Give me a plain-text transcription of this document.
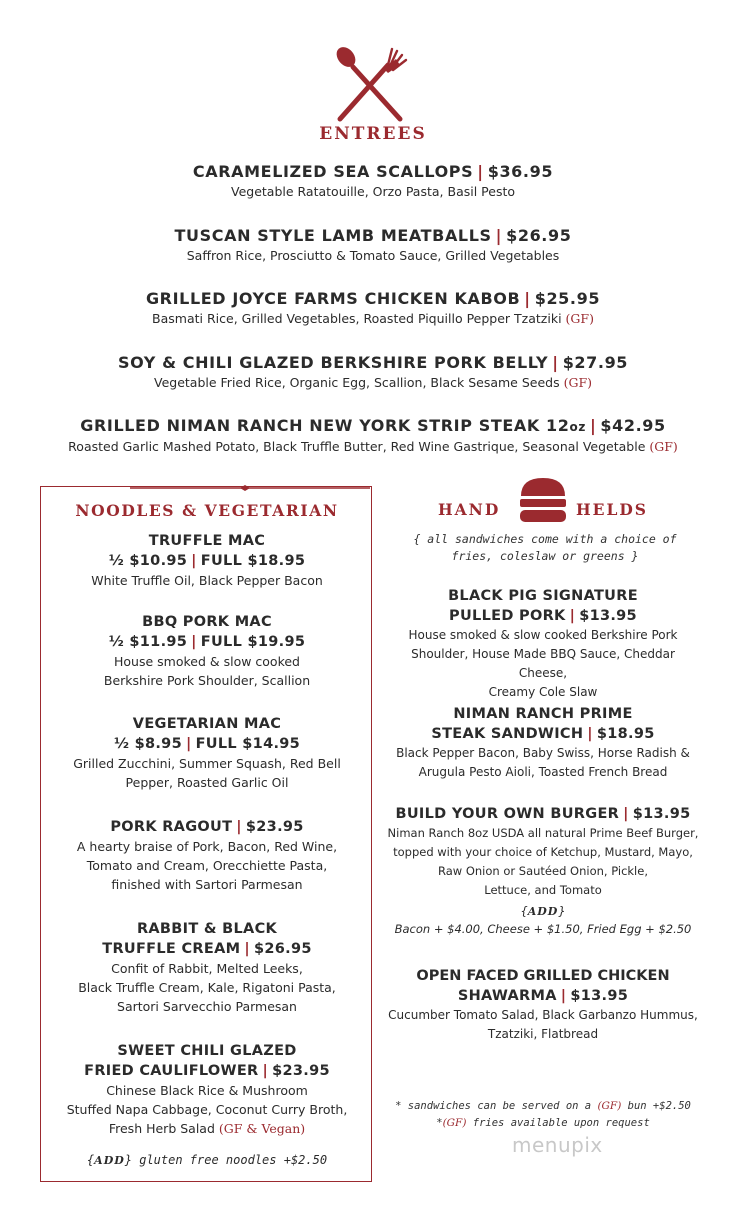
ENTREES
CARAMELIZED SEA SCALLOPS | $36.95
Vegetable Ratatouille, Orzo Pasta, Basil Pesto
TUSCAN STYLE LAMB MEATBALLS | $26.95
Saffron Rice, Prosciutto & Tomato Sauce, Grilled Vegetables
GRILLED JOYCE FARMS CHICKEN KABOB | $25.95
Basmati Rice, Grilled Vegetables, Roasted Piquillo Pepper Tzatziki (GF)
SOY & CHILI GLAZED BERKSHIRE PORK BELLY | $27.95
Vegetable Fried Rice, Organic Egg, Scallion, Black Sesame Seeds (GF)
GRILLED NIMAN RANCH NEW YORK STRIP STEAK 12oz | $42.95
Roasted Garlic Mashed Potato, Black Truffle Butter, Red Wine Gastrique, Seasonal Vegetable (GF)
NOODLES & VEGETARIAN
TRUFFLE MAC
½ $10.95 | FULL $18.95
White Truffle Oil, Black Pepper Bacon
BBQ PORK MAC
½ $11.95 | FULL $19.95
House smoked & slow cooked
Berkshire Pork Shoulder, Scallion
VEGETARIAN MAC
½ $8.95 | FULL $14.95
Grilled Zucchini, Summer Squash, Red Bell
Pepper, Roasted Garlic Oil
PORK RAGOUT | $23.95
A hearty braise of Pork, Bacon, Red Wine,
Tomato and Cream, Orecchiette Pasta,
finished with Sartori Parmesan
RABBIT & BLACK
TRUFFLE CREAM | $26.95
Confit of Rabbit, Melted Leeks,
Black Truffle Cream, Kale, Rigatoni Pasta,
Sartori Sarvecchio Parmesan
SWEET CHILI GLAZED
FRIED CAULIFLOWER | $23.95
Chinese Black Rice & Mushroom
Stuffed Napa Cabbage, Coconut Curry Broth,
Fresh Herb Salad (GF & Vegan)
{ADD} gluten free noodles +$2.50
HAND	HELDS
{ all sandwiches come with a choice of
fries, coleslaw or greens }
BLACK PIG SIGNATURE
PULLED PORK | $13.95
House smoked & slow cooked Berkshire Pork
Shoulder, House Made BBQ Sauce, Cheddar Cheese,
Creamy Cole Slaw
NIMAN RANCH PRIME
STEAK SANDWICH | $18.95
Black Pepper Bacon, Baby Swiss, Horse Radish &
Arugula Pesto Aioli, Toasted French Bread
BUILD YOUR OWN BURGER | $13.95
Niman Ranch 8oz USDA all natural Prime Beef Burger,
topped with your choice of Ketchup, Mustard, Mayo,
Raw Onion or Sautéed Onion, Pickle,
Lettuce, and Tomato
{ADD}
Bacon + $4.00, Cheese + $1.50, Fried Egg + $2.50
OPEN FACED GRILLED CHICKEN
SHAWARMA | $13.95
Cucumber Tomato Salad, Black Garbanzo Hummus,
Tzatziki, Flatbread
* sandwiches can be served on a (GF) bun +$2.50
*(GF) fries available upon request
menupix
